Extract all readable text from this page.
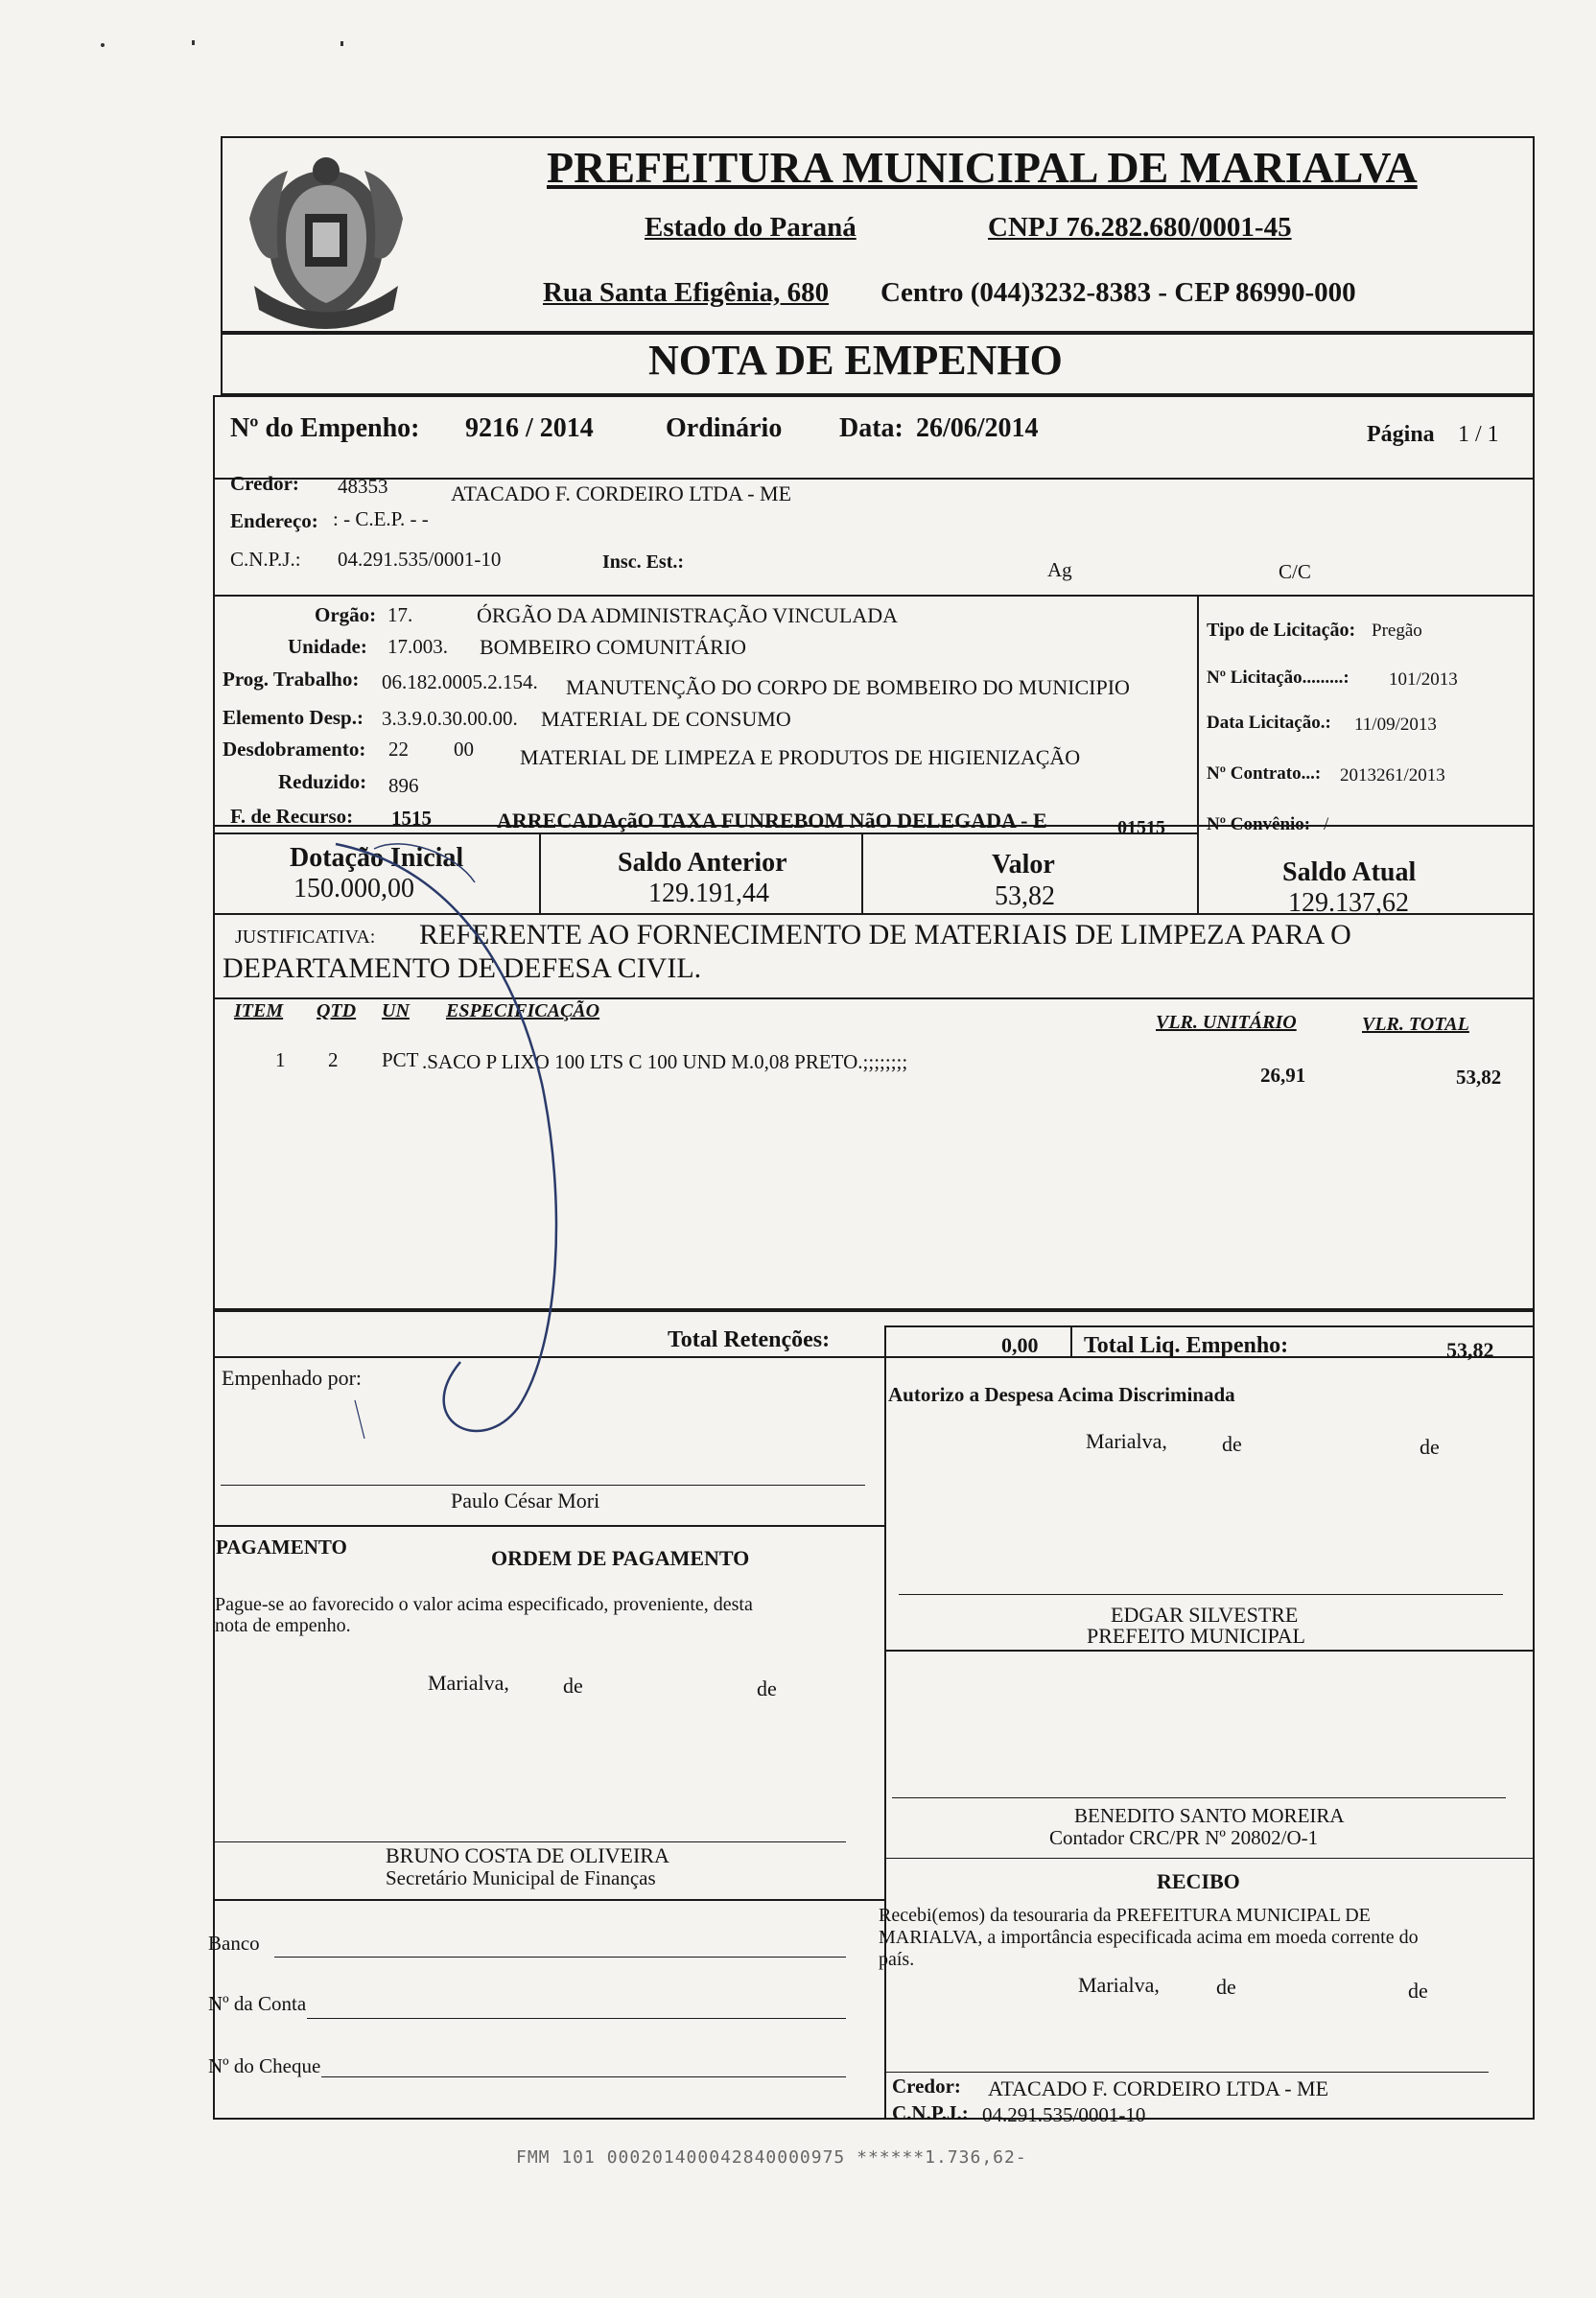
PREFEITURA MUNICIPAL DE MARIALVA
Estado do Paraná	CNPJ 76.282.680/0001-45
Rua Santa Efigênia, 680 Centro (044)3232-8383 - CEP 86990-000
NOTA DE EMPENHO
Nº do Empenho: 9216 / 2014	Ordinário Data: 26/06/2014	Página 1 / 1
Credor: 48353	ATACADO F. CORDEIRO LTDA - ME
Endereço: : - C.E.P. - -
C.N.P.J.: 04.291.535/0001-10	Insc. Est.:	Ag	C/C
Orgão: 17.	ÓRGÃO DA ADMINISTRAÇÃO VINCULADA
Unidade: 17.003. BOMBEIRO COMUNITÁRIO
Prog. Trabalho: 06.182.0005.2.154. MANUTENÇÃO DO CORPO DE BOMBEIRO DO MUNICIPIO
Elemento Desp.: 3.3.9.0.30.00.00. MATERIAL DE CONSUMO
Desdobramento: 22 00 MATERIAL DE LIMPEZA E PRODUTOS DE HIGIENIZAÇÃO
Reduzido: 896
F. de Recurso: 1515	ARRECADAçãO TAXA FUNREBOM NãO DELEGADA - E	01515
Tipo de Licitação: Pregão
Nº Licitação.........: 101/2013
Data Licitação.: 11/09/2013
Nº Contrato...: 2013261/2013
Nº Convênio: /
Dotação Inicial
150.000,00
Saldo Anterior
129.191,44
Valor
53,82
Saldo Atual
129.137,62
JUSTIFICATIVA: REFERENTE AO FORNECIMENTO DE MATERIAIS DE LIMPEZA PARA O
DEPARTAMENTO DE DEFESA CIVIL.
ITEM QTD UN ESPECIFICAÇÃO
VLR. UNITÁRIO	VLR. TOTAL
1 2 PCT .SACO P LIXO 100 LTS C 100 UND M.0,08 PRETO.;;;;;;;;
26,91	53,82
Total Retenções:	0,00 Total Liq. Empenho:	53,82
Empenhado por:
Paulo César Mori
Autorizo a Despesa Acima Discriminada
Marialva,	de	de
EDGAR SILVESTRE
PREFEITO MUNICIPAL
PAGAMENTO	ORDEM DE PAGAMENTO
Pague-se ao favorecido o valor acima especificado, proveniente, desta
nota de empenho.
Marialva,	de	de
BENEDITO SANTO MOREIRA
Contador CRC/PR Nº 20802/O-1
BRUNO COSTA DE OLIVEIRA
Secretário Municipal de Finanças	RECIBO
Recebi(emos) da tesouraria da PREFEITURA MUNICIPAL DE
MARIALVA, a importância especificada acima em moeda corrente do
país.
Marialva,	de	de
Banco
Nº da Conta
Nº do Cheque
Credor: ATACADO F. CORDEIRO LTDA - ME
C.N.P.J.: 04.291.535/0001-10
FMM 101 000201400042840000975 ******1.736,62-
